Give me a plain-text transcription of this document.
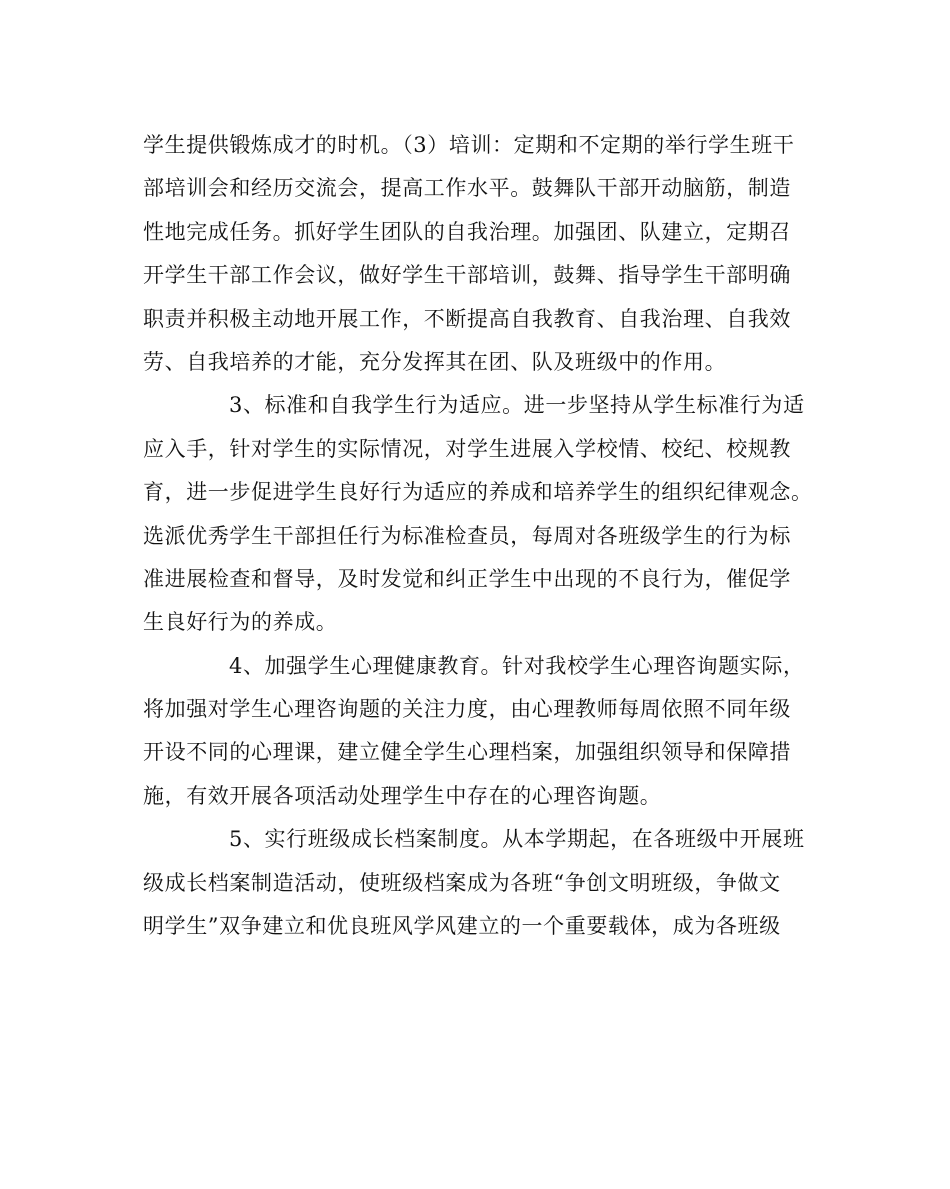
学生提供锻炼成才的时机。（3）培训：定期和不定期的举行学生班干
部培训会和经历交流会，提高工作水平。鼓舞队干部开动脑筋，制造
性地完成任务。抓好学生团队的自我治理。加强团、队建立，定期召
开学生干部工作会议，做好学生干部培训，鼓舞、指导学生干部明确
职责并积极主动地开展工作，不断提高自我教育、自我治理、自我效
劳、自我培养的才能，充分发挥其在团、队及班级中的作用。
3、标准和自我学生行为适应。进一步坚持从学生标准行为适
应入手，针对学生的实际情况，对学生进展入学校情、校纪、校规教
育，进一步促进学生良好行为适应的养成和培养学生的组织纪律观念。
选派优秀学生干部担任行为标准检查员，每周对各班级学生的行为标
准进展检查和督导，及时发觉和纠正学生中出现的不良行为，催促学
生良好行为的养成。
4、加强学生心理健康教育。针对我校学生心理咨询题实际，
将加强对学生心理咨询题的关注力度，由心理教师每周依照不同年级
开设不同的心理课，建立健全学生心理档案，加强组织领导和保障措
施，有效开展各项活动处理学生中存在的心理咨询题。
5、实行班级成长档案制度。从本学期起，在各班级中开展班
级成长档案制造活动，使班级档案成为各班“争创文明班级，争做文
明学生”双争建立和优良班风学风建立的一个重要载体，成为各班级
